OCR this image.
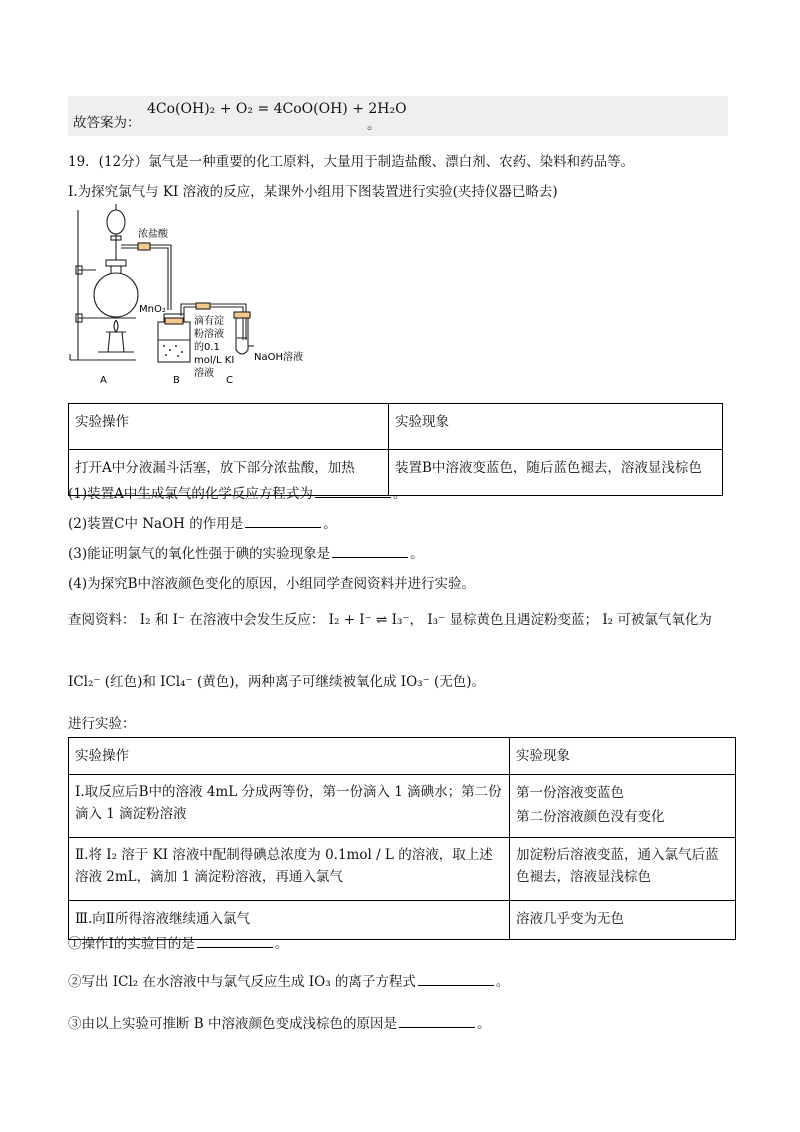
故答案为：
4Co(OH)₂ + O₂ = 4CoO(OH) + 2H₂O
。
19．(12分）氯气是一种重要的化工原料，大量用于制造盐酸、漂白剂、农药、染料和药品等。
Ⅰ.为探究氯气与 KI 溶液的反应，某课外小组用下图装置进行实验(夹持仪器已略去)
浓盐酸
MnO₂
滴有淀
粉溶液
的0.1
mol/L KI
溶液
NaOH溶液
A	B	C
实验操作	实验现象
打开A中分液漏斗活塞，放下部分浓盐酸，加热	装置B中溶液变蓝色，随后蓝色褪去，溶液显浅棕色
(1)装置A中生成氯气的化学反应方程式为	。
(2)装置C中 NaOH 的作用是	。
(3)能证明氯气的氧化性强于碘的实验现象是	。
(4)为探究B中溶液颜色变化的原因，小组同学查阅资料并进行实验。
查阅资料： I₂ 和 I⁻ 在溶液中会发生反应： I₂ + I⁻ ⇌ I₃⁻， I₃⁻ 显棕黄色且遇淀粉变蓝； I₂ 可被氯气氧化为
ICl₂⁻ (红色)和 ICl₄⁻ (黄色)，两种离子可继续被氧化成 IO₃⁻ (无色)。
进行实验：
实验操作	实验现象
Ⅰ.取反应后B中的溶液 4mL 分成两等份，第一份滴入 1 滴碘水；第二份滴入 1 滴淀粉溶液	第一份溶液变蓝色
第二份溶液颜色没有变化

Ⅱ.将 I₂ 溶于 KI 溶液中配制得碘总浓度为 0.1mol / L 的溶液，取上述溶液 2mL，滴加 1 滴淀粉溶液，再通入氯气	加淀粉后溶液变蓝，通入氯气后蓝色褪去，溶液显浅棕色
Ⅲ.向Ⅱ所得溶液继续通入氯气	溶液几乎变为无色
①操作Ⅰ的实验目的是	。
②写出 ICl₂ 在水溶液中与氯气反应生成 IO₃ 的离子方程式	。
③由以上实验可推断 B 中溶液颜色变成浅棕色的原因是	。
